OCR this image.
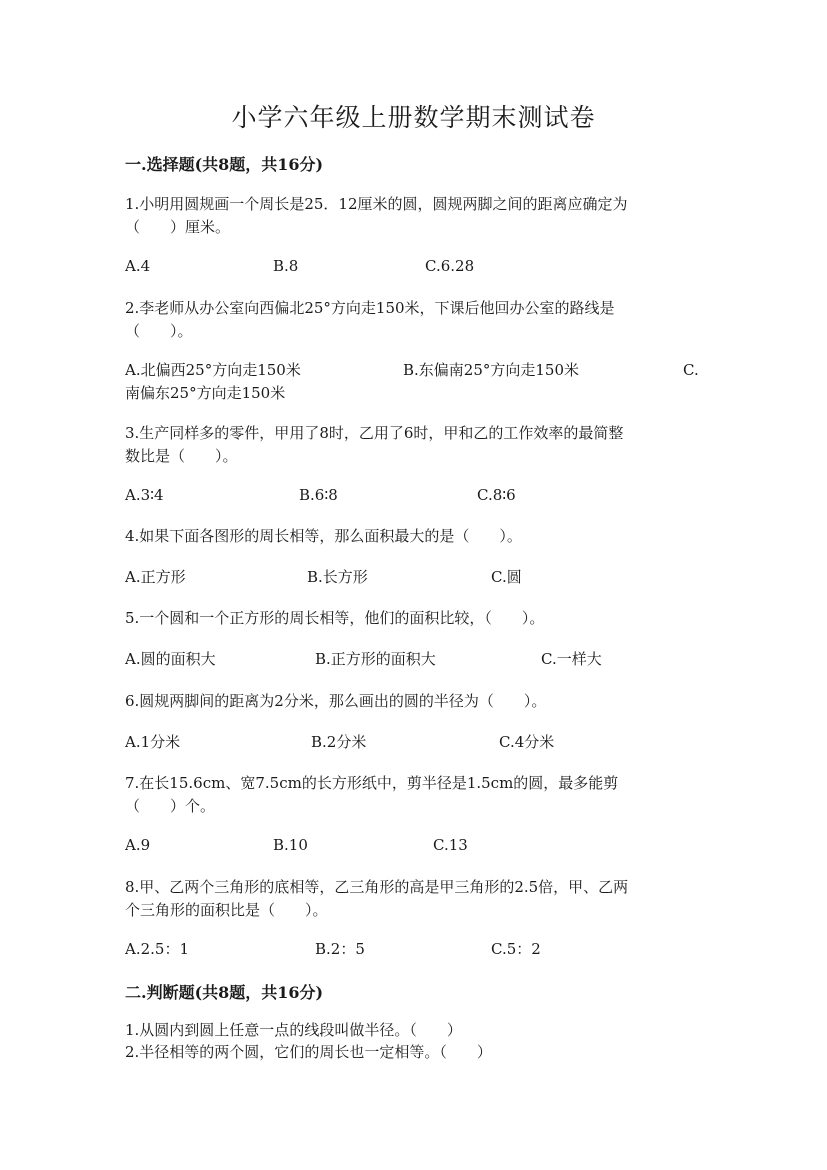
小学六年级上册数学期末测试卷
一.选择题(共8题，共16分)
1.小明用圆规画一个周长是25．12厘米的圆，圆规两脚之间的距离应确定为
（　　）厘米。
A.4	B.8	C.6.28
2.李老师从办公室向西偏北25°方向走150米，下课后他回办公室的路线是
（　　）。
A.北偏西25°方向走150米	B.东偏南25°方向走150米	C.
南偏东25°方向走150米
3.生产同样多的零件，甲用了8时，乙用了6时，甲和乙的工作效率的最简整
数比是（　　）。
A.3∶4	B.6∶8	C.8∶6
4.如果下面各图形的周长相等，那么面积最大的是（　　）。
A.正方形	B.长方形	C.圆
5.一个圆和一个正方形的周长相等，他们的面积比较，（　　）。
A.圆的面积大	B.正方形的面积大	C.一样大
6.圆规两脚间的距离为2分米，那么画出的圆的半径为（　　）。
A.1分米	B.2分米	C.4分米
7.在长15.6cm、宽7.5cm的长方形纸中，剪半径是1.5cm的圆，最多能剪
（　　）个。
A.9	B.10	C.13
8.甲、乙两个三角形的底相等，乙三角形的高是甲三角形的2.5倍，甲、乙两
个三角形的面积比是（　　）。
A.2.5：1	B.2：5	C.5：2
二.判断题(共8题，共16分)
1.从圆内到圆上任意一点的线段叫做半径。（　　）
2.半径相等的两个圆，它们的周长也一定相等。（　　）
